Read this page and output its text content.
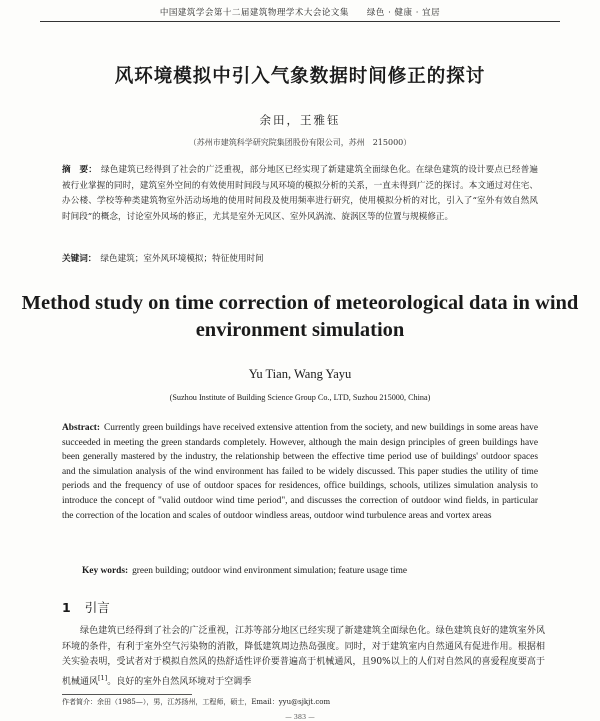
中国建筑学会第十二届建筑物理学术大会论文集 绿色 · 健康 · 宜居
风环境模拟中引入气象数据时间修正的探讨
余田，王雅钰
（苏州市建筑科学研究院集团股份有限公司，苏州　215000）
摘　要： 绿色建筑已经得到了社会的广泛重视，部分地区已经实现了新建建筑全面绿色化。在绿色建筑的设计要点已经普遍被行业掌握的同时，建筑室外空间的有效使用时间段与风环境的模拟分析的关系，一直未得到广泛的探讨。本文通过对住宅、办公楼、学校等种类建筑物室外活动场地的使用时间段及使用频率进行研究，使用模拟分析的对比，引入了“室外有效自然风时间段”的概念，讨论室外风场的修正，尤其是室外无风区、室外风涡流、旋涡区等的位置与规模修正。
关键词： 绿色建筑；室外风环境模拟；特征使用时间
Method study on time correction of meteorological data in wind environment simulation
Yu Tian, Wang Yayu
(Suzhou Institute of Building Science Group Co., LTD, Suzhou 215000, China)
Abstract: Currently green buildings have received extensive attention from the society, and new buildings in some areas have succeeded in meeting the green standards completely. However, although the main design principles of green buildings have been generally mastered by the industry, the relationship between the effective time period use of buildings' outdoor spaces and the simulation analysis of the wind environment has failed to be widely discussed. This paper studies the utility of time periods and the frequency of use of outdoor spaces for residences, office buildings, schools, utilizes simulation analysis to introduce the concept of "valid outdoor wind time period", and discusses the correction of outdoor wind fields, in particular the correction of the location and scales of outdoor windless areas, outdoor wind turbulence areas and vortex areas
Key words: green building; outdoor wind environment simulation; feature usage time
1 引言
绿色建筑已经得到了社会的广泛重视，江苏等部分地区已经实现了新建建筑全面绿色化。绿色建筑良好的建筑室外风环境的条件，有利于室外空气污染物的消散，降低建筑周边热岛强度。同时，对于建筑室内自然通风有促进作用。根据相关实验表明，受试者对于模拟自然风的热舒适性评价要普遍高于机械通风，且90%以上的人们对自然风的喜爱程度要高于机械通风[1]。良好的室外自然风环境对于空调季
作者简介：余田（1985—），男，江苏扬州，工程师，硕士，Email：yyu@sjkjt.com
— 383 —
